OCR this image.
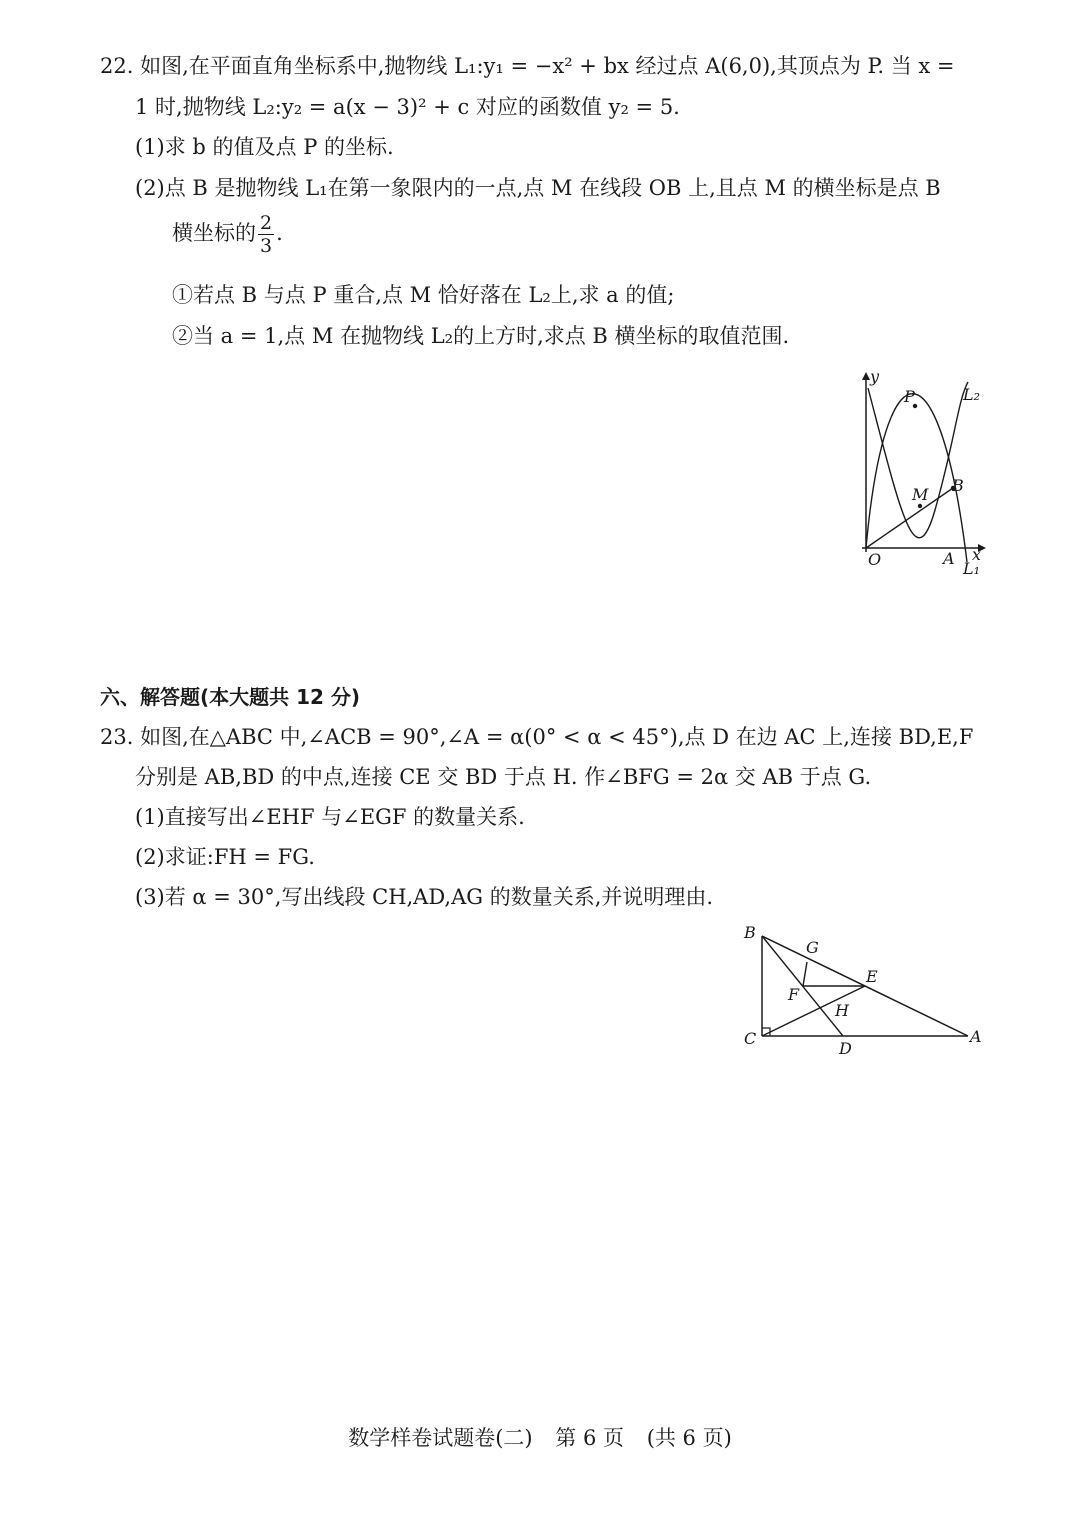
22. 如图,在平面直角坐标系中,抛物线 L₁:y₁ = −x² + bx 经过点 A(6,0),其顶点为 P. 当 x =
1 时,抛物线 L₂:y₂ = a(x − 3)² + c 对应的函数值 y₂ = 5.
(1)求 b 的值及点 P 的坐标.
(2)点 B 是抛物线 L₁在第一象限内的一点,点 M 在线段 OB 上,且点 M 的横坐标是点 B
横坐标的 $\frac{2}{3}$ .
①若点 B 与点 P 重合,点 M 恰好落在 L₂上,求 a 的值;
②当 a = 1,点 M 在抛物线 L₂的上方时,求点 B 横坐标的取值范围.
y
x
O	A
P
M B
L₁
L₂
六、解答题(本大题共 12 分)
23. 如图,在△ABC 中,∠ACB = 90°,∠A = α(0° < α < 45°),点 D 在边 AC 上,连接 BD,E,F
分别是 AB,BD 的中点,连接 CE 交 BD 于点 H. 作∠BFG = 2α 交 AB 于点 G.
(1)直接写出∠EHF 与∠EGF 的数量关系.
(2)求证:FH = FG.
(3)若 α = 30°,写出线段 CH,AD,AG 的数量关系,并说明理由.
B
G
E
F
H
C
D
A
数学样卷试题卷(二) 第 6 页 (共 6 页)
